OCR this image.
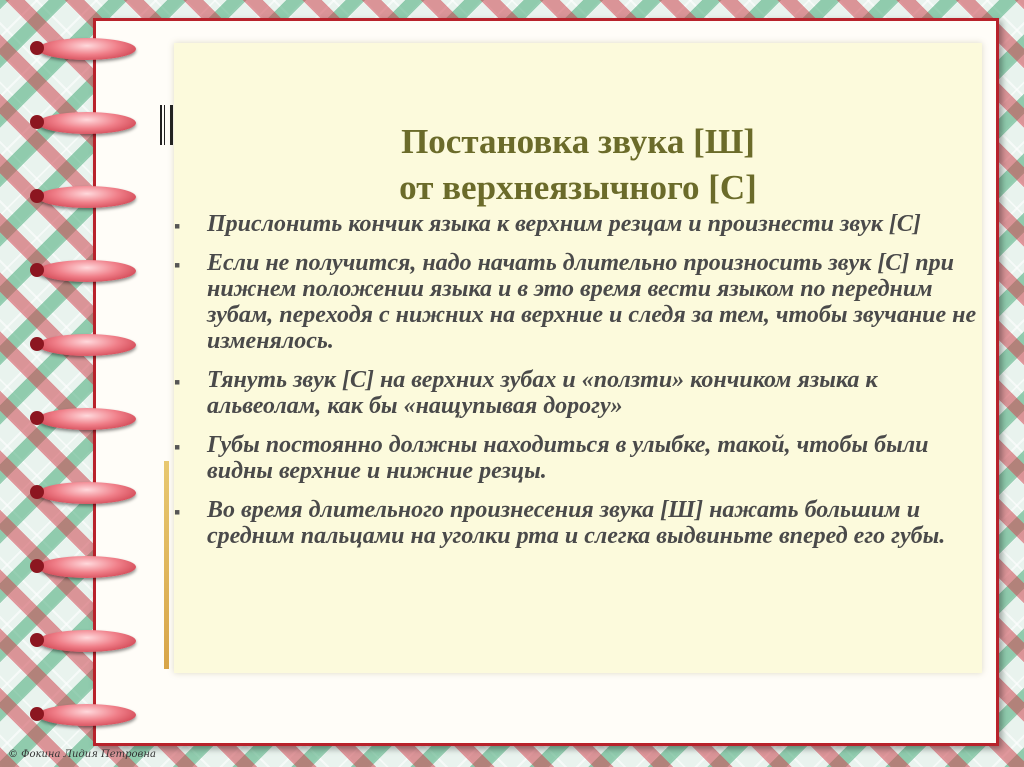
Постановка звука [Ш]
от верхнеязычного [С]
▪ Прислонить кончик языка к верхним резцам и произнести звук [С]
▪ Если не получится, надо начать длительно произносить звук [С] при нижнем положении языка и в это время вести языком по передним зубам, переходя с нижних на верхние и следя за тем, чтобы звучание не изменялось.
▪ Тянуть звук [С] на верхних зубах и «ползти» кончиком языка к альвеолам, как бы «нащупывая дорогу»
▪ Губы постоянно должны находиться в улыбке, такой, чтобы были видны верхние и нижние резцы.
▪ Во время длительного произнесения звука [Ш] нажать большим и средним пальцами на уголки рта и слегка выдвиньте вперед его губы.
© Фокина Лидия Петровна
